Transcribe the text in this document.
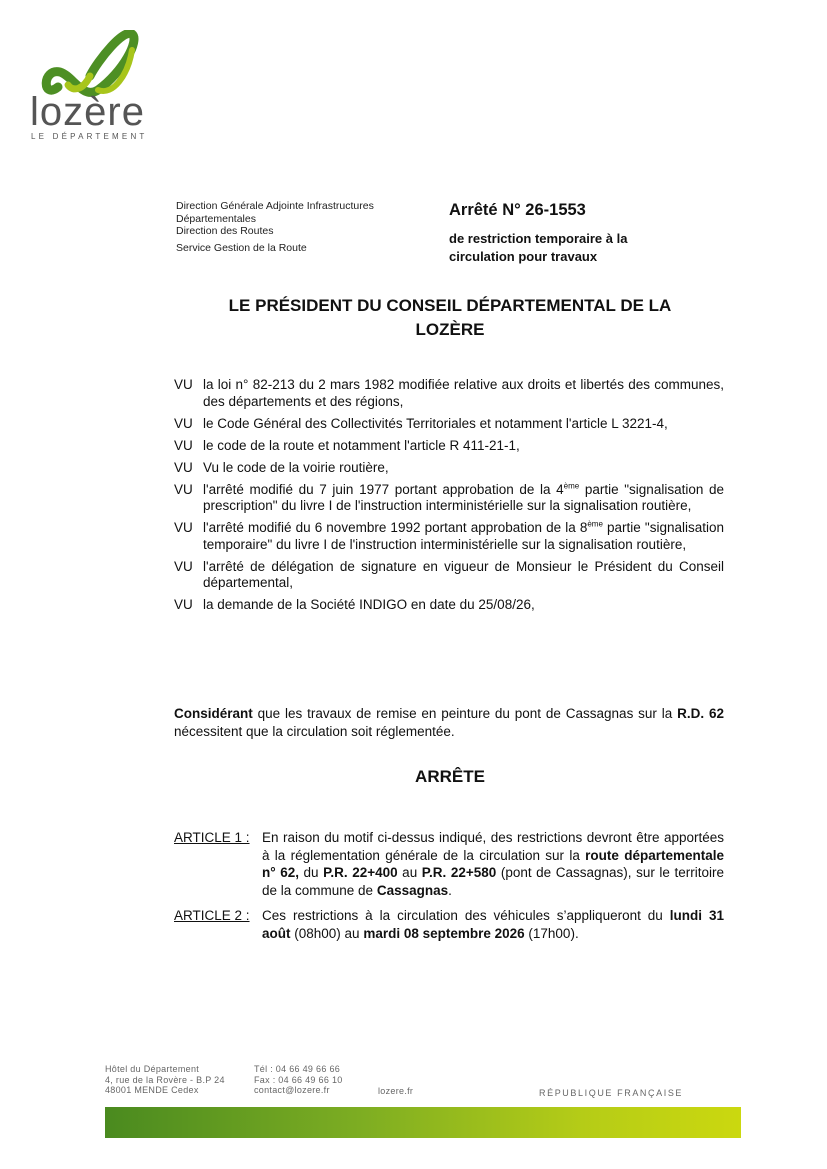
lozère
LE DÉPARTEMENT
Direction Générale Adjointe Infrastructures
Départementales
Direction des Routes
Service Gestion de la Route
Arrêté N° 26-1553
de restriction temporaire à la
circulation pour travaux
LE PRÉSIDENT DU CONSEIL DÉPARTEMENTAL DE LA
LOZÈRE
VU la loi n° 82-213 du 2 mars 1982 modifiée relative aux droits et libertés des communes, des départements et des régions,
VU le Code Général des Collectivités Territoriales et notamment l'article L 3221-4,
VU le code de la route et notamment l'article R 411-21-1,
VU Vu le code de la voirie routière,
VU l'arrêté modifié du 7 juin 1977 portant approbation de la 4ème partie "signalisation de prescription" du livre I de l'instruction interministérielle sur la signalisation routière,
VU l'arrêté modifié du 6 novembre 1992 portant approbation de la 8ème partie "signalisation temporaire" du livre I de l'instruction interministérielle sur la signalisation routière,
VU l'arrêté de délégation de signature en vigueur de Monsieur le Président du Conseil départemental,
VU la demande de la Société INDIGO en date du 25/08/26,
Considérant que les travaux de remise en peinture du pont de Cassagnas sur la R.D. 62 nécessitent que la circulation soit réglementée.
ARRÊTE
ARTICLE 1 : En raison du motif ci-dessus indiqué, des restrictions devront être apportées à la réglementation générale de la circulation sur la route départementale n° 62, du P.R. 22+400 au P.R. 22+580 (pont de Cassagnas), sur le territoire de la commune de Cassagnas.
ARTICLE 2 : Ces restrictions à la circulation des véhicules s’appliqueront du lundi 31 août (08h00) au mardi 08 septembre 2026 (17h00).
Hôtel du Département
4, rue de la Rovère - B.P 24
48001 MENDE Cedex
Tél : 04 66 49 66 66
Fax : 04 66 49 66 10
contact@lozere.fr	lozere.fr	RÉPUBLIQUE FRANÇAISE
